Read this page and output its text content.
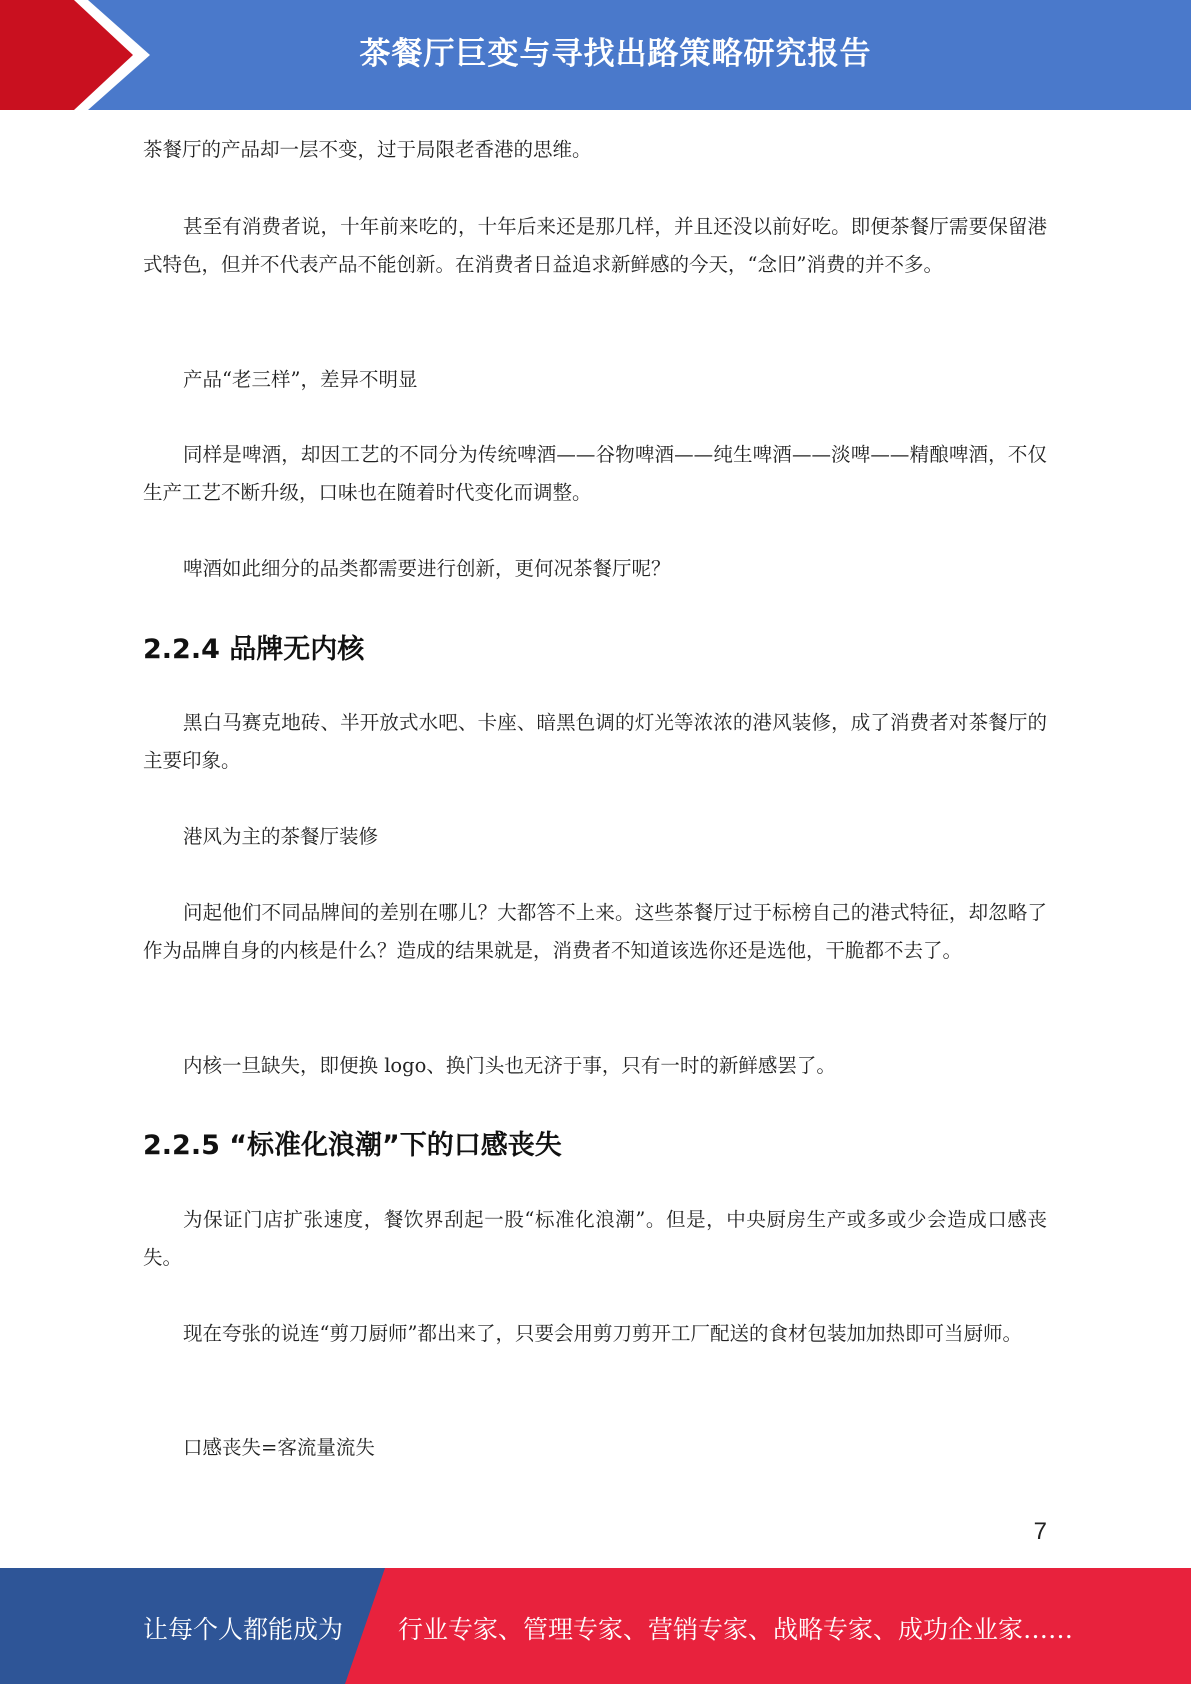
茶餐厅巨变与寻找出路策略研究报告

茶餐厅的产品却一层不变，过于局限老香港的思维。

甚至有消费者说，十年前来吃的，十年后来还是那几样，并且还没以前好吃。即便茶餐厅需要保留港式特色，但并不代表产品不能创新。在消费者日益追求新鲜感的今天，“念旧”消费的并不多。

产品“老三样”，差异不明显

同样是啤酒，却因工艺的不同分为传统啤酒——谷物啤酒——纯生啤酒——淡啤——精酿啤酒，不仅生产工艺不断升级，口味也在随着时代变化而调整。

啤酒如此细分的品类都需要进行创新，更何况茶餐厅呢？

2.2.4 品牌无内核

黑白马赛克地砖、半开放式水吧、卡座、暗黑色调的灯光等浓浓的港风装修，成了消费者对茶餐厅的主要印象。

港风为主的茶餐厅装修

问起他们不同品牌间的差别在哪儿？大都答不上来。这些茶餐厅过于标榜自己的港式特征，却忽略了作为品牌自身的内核是什么？造成的结果就是，消费者不知道该选你还是选他，干脆都不去了。

内核一旦缺失，即便换 logo、换门头也无济于事，只有一时的新鲜感罢了。

2.2.5 “标准化浪潮”下的口感丧失

为保证门店扩张速度，餐饮界刮起一股“标准化浪潮”。但是，中央厨房生产或多或少会造成口感丧失。

现在夸张的说连“剪刀厨师”都出来了，只要会用剪刀剪开工厂配送的食材包装加加热即可当厨师。

口感丧失=客流量流失

7
让每个人都能成为 行业专家、管理专家、营销专家、战略专家、成功企业家……
